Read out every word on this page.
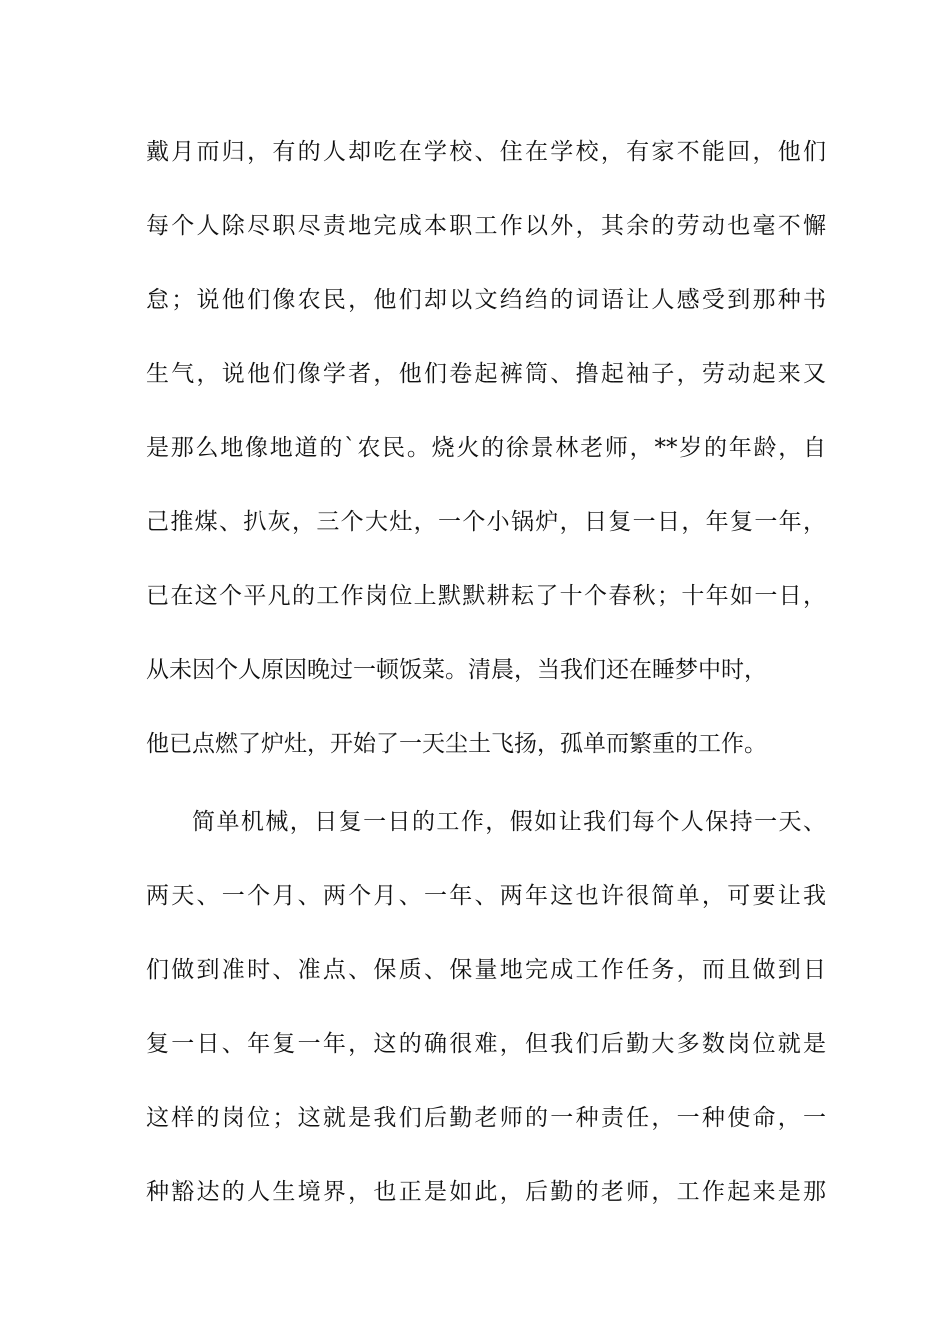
戴月而归，有的人却吃在学校、住在学校，有家不能回，他们
每个人除尽职尽责地完成本职工作以外，其余的劳动也毫不懈
怠；说他们像农民，他们却以文绉绉的词语让人感受到那种书
生气，说他们像学者，他们卷起裤筒、撸起袖子，劳动起来又
是那么地像地道的`农民。烧火的徐景林老师，**岁的年龄，自
己推煤、扒灰，三个大灶，一个小锅炉，日复一日，年复一年，
已在这个平凡的工作岗位上默默耕耘了十个春秋；十年如一日，
从未因个人原因晚过一顿饭菜。清晨，当我们还在睡梦中时，
他已点燃了炉灶，开始了一天尘土飞扬，孤单而繁重的工作。
简单机械，日复一日的工作，假如让我们每个人保持一天、
两天、一个月、两个月、一年、两年这也许很简单，可要让我
们做到准时、准点、保质、保量地完成工作任务，而且做到日
复一日、年复一年，这的确很难，但我们后勤大多数岗位就是
这样的岗位；这就是我们后勤老师的一种责任，一种使命，一
种豁达的人生境界，也正是如此，后勤的老师，工作起来是那
